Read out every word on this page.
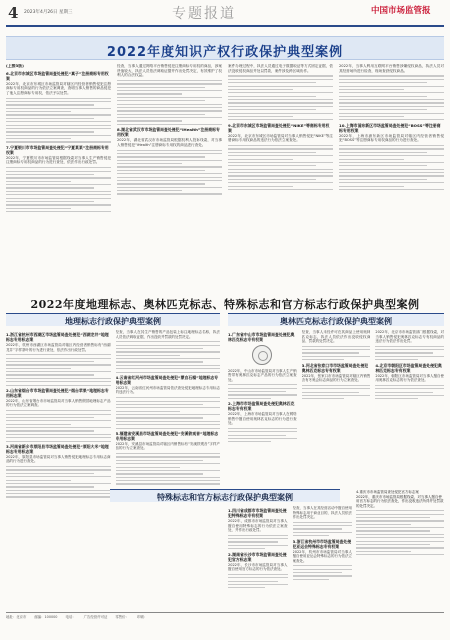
4 2023年4月26日 星期三	专题报道	中国市场监管报
2022年度知识产权行政保护典型案例
(上接3版)
6.北京市东城区市场监管局查处侵犯“真子”注册商标专用权案
2022年，北京市东城区市场监管局对辖区内经营者销售侵犯注册商标专用权商品的行为依法立案调查，查明当事人销售的商品侵犯了他人注册商标专用权，依法予以处罚。
7.宁夏银川市市场监管局查处侵犯“宁夏某某”注册商标专用权案
2022年，宁夏银川市市场监管局根据线索对当事人生产销售侵犯注册商标专用权商品的行为进行查处，依法作出行政处罚。
经查，当事人通过网络平台销售侵犯注册商标专用权的商品，涉案货值较大，执法人员依法调取证据并作出处罚决定，有效维护了权利人的合法权益。
8.湖北省武汉市市场监管局查处侵犯“iHealth”注册商标专用权案
2022年，湖北省武汉市市场监管局根据权利人投诉线索，对当事人销售侵犯“iHealth”注册商标专用权的商品进行查处。
案件办理过程中，执法人员通过电子数据取证等方式固定证据，依法没收侵权商品并处以罚款，案件涉及跨区域协作。
9.北京市东城区市场监管局查处侵犯“NIKE”等商标专用权案
2022年，北京市东城区市场监管局对当事人销售侵犯“NIKE”等注册商标专用权商品的违法行为依法立案查处。
2022年，当事人利用互联网平台销售涉嫌侵权商品，执法人员对其经营场所进行检查，现场查获侵权商品。
10.上海市浦东新区市场监管局查处侵犯“BOSS”等注册商标专用权案
2022年，上海市浦东新区市场监管局对辖区内经营者销售侵犯“BOSS”等注册商标专用权商品的行为进行查处。
2022年度地理标志、奥林匹克标志、特殊标志和官方标志行政保护典型案例
地理标志行政保护典型案例	奥林匹克标志行政保护典型案例
1.浙江省杭州市西湖区市场监管局查处侵犯“西湖龙井”地理标志专用标志案
2022年，杭州市西湖区市场监管局对辖区内经营者销售标有“西湖龙井”字样茶叶的行为进行查处，依法作出行政处罚。
2.山东省烟台市市场监管局查处侵犯“烟台苹果”地理标志专用标志案
2022年，山东省烟台市市场监管局对当事人销售假冒地理标志产品的行为依法立案调查。
3.河南省新乡市原阳县市场监管局查处侵犯“原阳大米”地理标志专用标志案
2022年，原阳县市场监管局对当事人销售侵犯地理标志专用标志商品的行为进行查处。
经查，当事人在其生产销售的产品包装上标注地理标志名称，执法人员依法调取证据，作出没收并罚款的处罚决定。
4.云南省红河州市场监管局查处侵犯“蒙自石榴”地理标志专用标志案
2022年，云南省红河州市场监管局依法查处侵犯地理标志专用标志的违法行为。
5.福建省安溪县市场监管局查处侵犯“安溪铁观音”地理标志专用标志案
2022年，安溪县市场监管局对辖区内销售标有“安溪铁观音”字样产品的行为立案查处。
1.广东省中山市市场监管局查处侵犯奥林匹克标志专有权案
2022年，中山市市场监管局对当事人生产销售带有奥林匹克标志产品的行为依法立案查处。
2.上海市市场监管局查处侵犯奥林匹克标志专有权案
2022年，上海市市场监管局对当事人在网络销售中擅自使用奥林匹克标志的行为进行查处。
经查，当事人未经许可在其商品上使用奥林匹克标志，执法人员依法作出没收侵权商品、罚款的处罚决定。
3.河北省张家口市市场监管局查处侵犯奥林匹克标志专有权案
2022年，张家口市市场监管局对辖区内销售含有冬奥会标志商品的行为立案查处。
2022年，北京市市场监管部门根据线索，对当事人销售侵犯奥林匹克标志专有权商品的违法行为依法作出处罚。
4.北京市朝阳区市场监管局查处侵犯奥林匹克标志专有权案
2022年，朝阳区市场监管局对当事人擅自使用奥林匹克标志的行为依法查处。
特殊标志和官方标志行政保护典型案例
1.四川省成都市市场监管局查处侵犯特殊标志专有权案
2022年，成都市市场监管局对当事人擅自使用特殊标志的行为依法立案查处，并作出行政处罚。
2.湖南省长沙市市场监管局查处侵犯官方标志案
2022年，长沙市市场监管局对当事人擅自使用官方标志的行为依法查处。
经查，当事人在其经营活动中擅自使用特殊标志用于商业目的，执法人员依法作出处罚决定。
3.浙江省杭州市市场监管局查处侵犯亚运会特殊标志专有权案
2022年，杭州市市场监管局对当事人擅自使用亚运会特殊标志的行为依法立案查处。
4.重庆市市场监管局查处侵犯官方标志案
2022年，重庆市市场监管局根据线索，对当事人擅自使用官方标志的行为依法查处，作出没收违法所得并处罚款的处罚决定。
地址：北京市 邮编：100000 电话： 广告经营许可证 零售价： 印刷：
